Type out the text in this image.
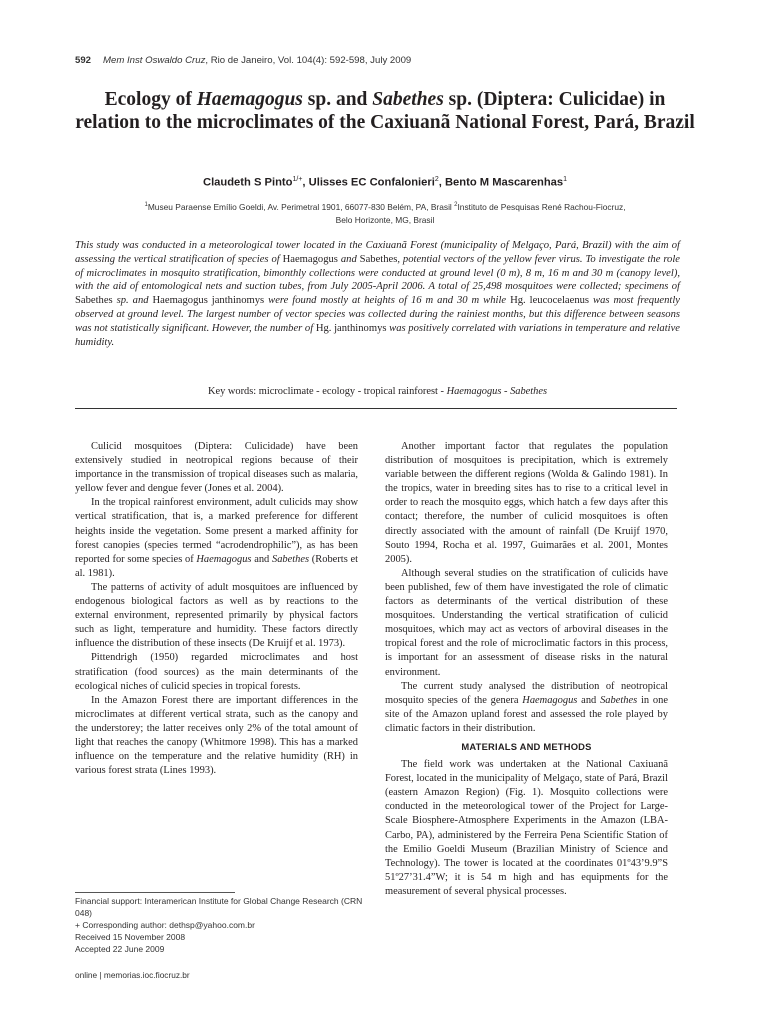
592 Mem Inst Oswaldo Cruz, Rio de Janeiro, Vol. 104(4): 592-598, July 2009
Ecology of Haemagogus sp. and Sabethes sp. (Diptera: Culicidae) in relation to the microclimates of the Caxiuanã National Forest, Pará, Brazil
Claudeth S Pinto$^{1/+}$, Ulisses EC Confalonieri$^2$, Bento M Mascarenhas$^1$
$^1$Museu Paraense Emílio Goeldi, Av. Perimetral 1901, 66077-830 Belém, PA, Brasil $^2$Instituto de Pesquisas René Rachou-Fiocruz,
Belo Horizonte, MG, Brasil
This study was conducted in a meteorological tower located in the Caxiuanã Forest (municipality of Melgaço, Pará, Brazil) with the aim of assessing the vertical stratification of species of Haemagogus and Sabethes, potential vectors of the yellow fever virus. To investigate the role of microclimates in mosquito stratification, bimonthly collections were conducted at ground level (0 m), 8 m, 16 m and 30 m (canopy level), with the aid of entomological nets and suction tubes, from July 2005-April 2006. A total of 25,498 mosquitoes were collected; specimens of Sabethes sp. and Haemagogus janthinomys were found mostly at heights of 16 m and 30 m while Hg. leucocelaenus was most frequently observed at ground level. The largest number of vector species was collected during the rainiest months, but this difference between seasons was not statistically significant. However, the number of Hg. janthinomys was positively correlated with variations in temperature and relative humidity.
Key words: microclimate - ecology - tropical rainforest - Haemagogus - Sabethes

Culicid mosquitoes (Diptera: Culicidade) have been extensively studied in neotropical regions because of their importance in the transmission of tropical diseases such as malaria, yellow fever and dengue fever (Jones et al. 2004).

In the tropical rainforest environment, adult culicids may show vertical stratification, that is, a marked preference for different heights inside the vegetation. Some present a marked affinity for forest canopies (species termed “acrodendrophilic”), as has been reported for some species of Haemagogus and Sabethes (Roberts et al. 1981).

The patterns of activity of adult mosquitoes are influenced by endogenous biological factors as well as by reactions to the external environment, represented primarily by physical factors such as light, temperature and humidity. These factors directly influence the distribution of these insects (De Kruijf et al. 1973).

Pittendrigh (1950) regarded microclimates and host stratification (food sources) as the main determinants of the ecological niches of culicid species in tropical forests.

In the Amazon Forest there are important differences in the microclimates at different vertical strata, such as the canopy and the understorey; the latter receives only 2% of the total amount of light that reaches the canopy (Whitmore 1998). This has a marked influence on the temperature and the relative humidity (RH) in various forest strata (Lines 1993).

Another important factor that regulates the population distribution of mosquitoes is precipitation, which is extremely variable between the different regions (Wolda & Galindo 1981). In the tropics, water in breeding sites has to rise to a critical level in order to reach the mosquito eggs, which hatch a few days after this contact; therefore, the number of culicid mosquitoes is often directly associated with the amount of rainfall (De Kruijf 1970, Souto 1994, Rocha et al. 1997, Guimarães et al. 2001, Montes 2005).

Although several studies on the stratification of culicids have been published, few of them have investigated the role of climatic factors as determinants of the vertical distribution of these mosquitoes. Understanding the vertical stratification of culicid mosquitoes, which may act as vectors of arboviral diseases in the tropical forest and the role of microclimatic factors in this process, is important for an assessment of disease risks in the natural environment.

The current study analysed the distribution of neotropical mosquito species of the genera Haemagogus and Sabethes in one site of the Amazon upland forest and assessed the role played by climatic factors in their distribution.

MATERIALS AND METHODS

The field work was undertaken at the National Caxiuanã Forest, located in the municipality of Melgaço, state of Pará, Brazil (eastern Amazon Region) (Fig. 1). Mosquito collections were conducted in the meteorological tower of the Project for Large-Scale Biosphere-Atmosphere Experiments in the Amazon (LBA-Carbo, PA), administered by the Ferreira Pena Scientific Station of the Emilio Goeldi Museum (Brazilian Ministry of Science and Technology). The tower is located at the coordinates 01º43’9.9”S 51º27’31.4”W; it is 54 m high and has equipments for the measurement of several physical processes.

Financial support: Interamerican Institute for Global Change Research (CRN 048)
+ Corresponding author: dethsp@yahoo.com.br
Received 15 November 2008
Accepted 22 June 2009
online | memorias.ioc.fiocruz.br
